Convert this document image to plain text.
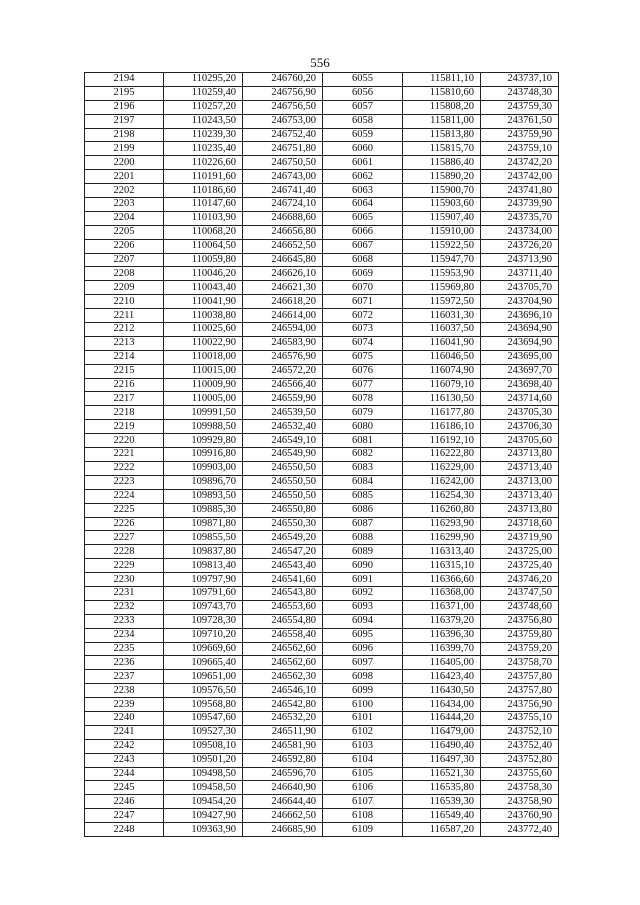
556
2194	110295,20	246760,20	6055	115811,10	243737,10
2195	110259,40	246756,90	6056	115810,60	243748,30
2196	110257,20	246756,50	6057	115808,20	243759,30
2197	110243,50	246753,00	6058	115811,00	243761,50
2198	110239,30	246752,40	6059	115813,80	243759,90
2199	110235,40	246751,80	6060	115815,70	243759,10
2200	110226,60	246750,50	6061	115886,40	243742,20
2201	110191,60	246743,00	6062	115890,20	243742,00
2202	110186,60	246741,40	6063	115900,70	243741,80
2203	110147,60	246724,10	6064	115903,60	243739,90
2204	110103,90	246688,60	6065	115907,40	243735,70
2205	110068,20	246656,80	6066	115910,00	243734,00
2206	110064,50	246652,50	6067	115922,50	243726,20
2207	110059,80	246645,80	6068	115947,70	243713,90
2208	110046,20	246626,10	6069	115953,90	243711,40
2209	110043,40	246621,30	6070	115969,80	243705,70
2210	110041,90	246618,20	6071	115972,50	243704,90
2211	110038,80	246614,00	6072	116031,30	243696,10
2212	110025,60	246594,00	6073	116037,50	243694,90
2213	110022,90	246583,90	6074	116041,90	243694,90
2214	110018,00	246576,90	6075	116046,50	243695,00
2215	110015,00	246572,20	6076	116074,90	243697,70
2216	110009,90	246566,40	6077	116079,10	243698,40
2217	110005,00	246559,90	6078	116130,50	243714,60
2218	109991,50	246539,50	6079	116177,80	243705,30
2219	109988,50	246532,40	6080	116186,10	243706,30
2220	109929,80	246549,10	6081	116192,10	243705,60
2221	109916,80	246549,90	6082	116222,80	243713,80
2222	109903,00	246550,50	6083	116229,00	243713,40
2223	109896,70	246550,50	6084	116242,00	243713,00
2224	109893,50	246550,50	6085	116254,30	243713,40
2225	109885,30	246550,80	6086	116260,80	243713,80
2226	109871,80	246550,30	6087	116293,90	243718,60
2227	109855,50	246549,20	6088	116299,90	243719,90
2228	109837,80	246547,20	6089	116313,40	243725,00
2229	109813,40	246543,40	6090	116315,10	243725,40
2230	109797,90	246541,60	6091	116366,60	243746,20
2231	109791,60	246543,80	6092	116368,00	243747,50
2232	109743,70	246553,60	6093	116371,00	243748,60
2233	109728,30	246554,80	6094	116379,20	243756,80
2234	109710,20	246558,40	6095	116396,30	243759,80
2235	109669,60	246562,60	6096	116399,70	243759,20
2236	109665,40	246562,60	6097	116405,00	243758,70
2237	109651,00	246562,30	6098	116423,40	243757,80
2238	109576,50	246546,10	6099	116430,50	243757,80
2239	109568,80	246542,80	6100	116434,00	243756,90
2240	109547,60	246532,20	6101	116444,20	243755,10
2241	109527,30	246511,90	6102	116479,00	243752,10
2242	109508,10	246581,90	6103	116490,40	243752,40
2243	109501,20	246592,80	6104	116497,30	243752,80
2244	109498,50	246596,70	6105	116521,30	243755,60
2245	109458,50	246640,90	6106	116535,80	243758,30
2246	109454,20	246644,40	6107	116539,30	243758,90
2247	109427,90	246662,50	6108	116549,40	243760,90
2248	109363,90	246685,90	6109	116587,20	243772,40
